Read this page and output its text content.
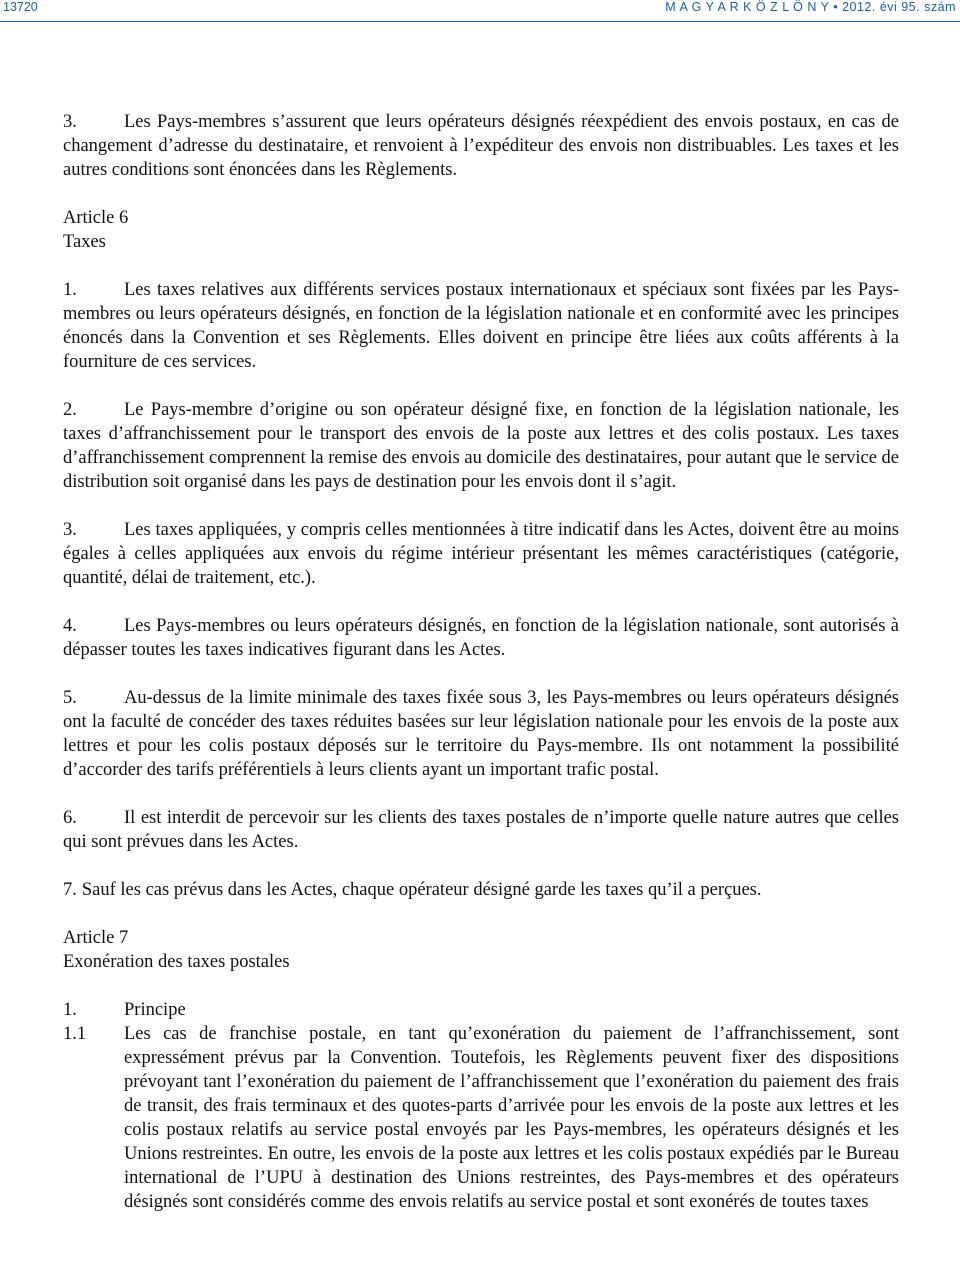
13720	M A G Y A R K Ö Z L Ö N Y • 2012. évi 95. szám

3.	Les Pays-membres s’assurent que leurs opérateurs désignés réexpédient des envois postaux, en cas de changement d’adresse du destinataire, et renvoient à l’expéditeur des envois non distribuables. Les taxes et les autres conditions sont énoncées dans les Règlements.

Article 6

Taxes

1.	Les taxes relatives aux différents services postaux internationaux et spéciaux sont fixées par les Pays-membres ou leurs opérateurs désignés, en fonction de la législation nationale et en conformité avec les principes énoncés dans la Convention et ses Règlements. Elles doivent en principe être liées aux coûts afférents à la fourniture de ces services.

2.	Le Pays-membre d’origine ou son opérateur désigné fixe, en fonction de la législation nationale, les taxes d’affranchissement pour le transport des envois de la poste aux lettres et des colis postaux. Les taxes d’affranchissement comprennent la remise des envois au domicile des destinataires, pour autant que le service de distribution soit organisé dans les pays de destination pour les envois dont il s’agit.

3.	Les taxes appliquées, y compris celles mentionnées à titre indicatif dans les Actes, doivent être au moins égales à celles appliquées aux envois du régime intérieur présentant les mêmes caractéristiques (catégorie, quantité, délai de traitement, etc.).

4.	Les Pays-membres ou leurs opérateurs désignés, en fonction de la législation nationale, sont autorisés à dépasser toutes les taxes indicatives figurant dans les Actes.

5.	Au-dessus de la limite minimale des taxes fixée sous 3, les Pays-membres ou leurs opérateurs désignés ont la faculté de concéder des taxes réduites basées sur leur législation nationale pour les envois de la poste aux lettres et pour les colis postaux déposés sur le territoire du Pays-membre. Ils ont notamment la possibilité d’accorder des tarifs préférentiels à leurs clients ayant un important trafic postal.

6.	Il est interdit de percevoir sur les clients des taxes postales de n’importe quelle nature autres que celles qui sont prévues dans les Actes.

7. Sauf les cas prévus dans les Actes, chaque opérateur désigné garde les taxes qu’il a perçues.

Article 7

Exonération des taxes postales

1.	Principe
1.1	Les cas de franchise postale, en tant qu’exonération du paiement de l’affranchissement, sont expressément prévus par la Convention. Toutefois, les Règlements peuvent fixer des dispositions prévoyant tant l’exonération du paiement de l’affranchissement que l’exonération du paiement des frais de transit, des frais terminaux et des quotes-parts d’arrivée pour les envois de la poste aux lettres et les colis postaux relatifs au service postal envoyés par les Pays-membres, les opérateurs désignés et les Unions restreintes. En outre, les envois de la poste aux lettres et les colis postaux expédiés par le Bureau international de l’UPU à destination des Unions restreintes, des Pays-membres et des opérateurs désignés sont considérés comme des envois relatifs au service postal et sont exonérés de toutes taxes
